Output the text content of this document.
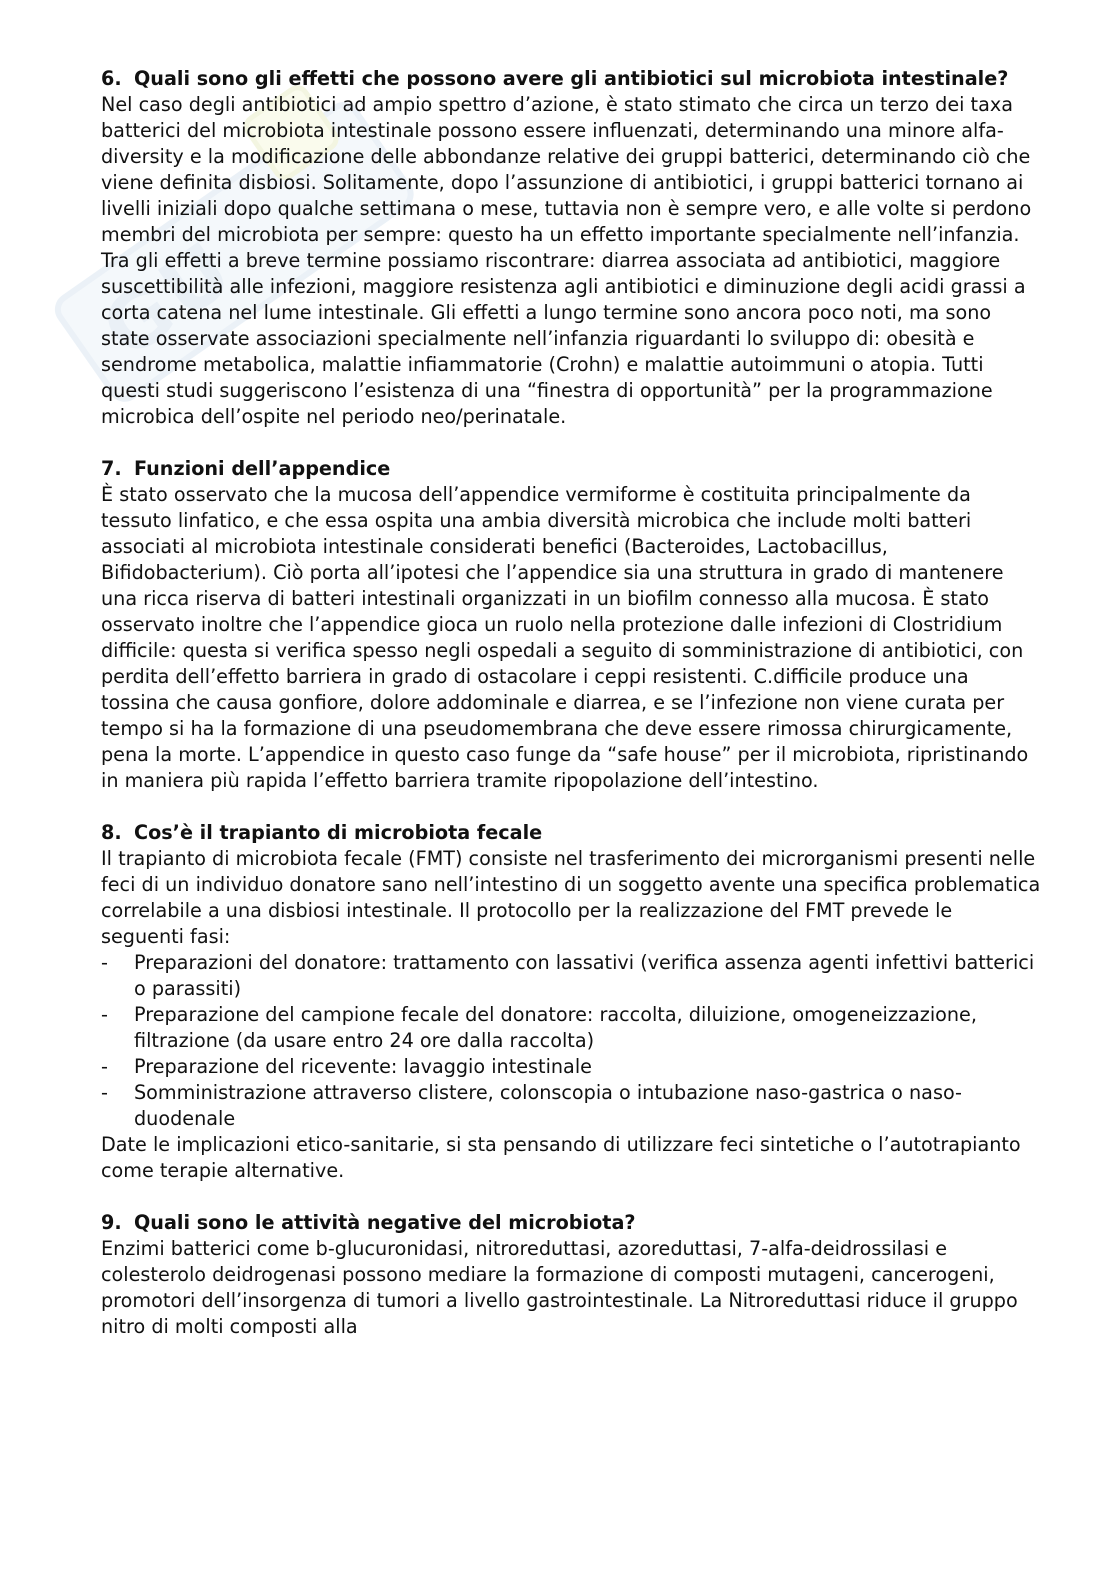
GU
6. Quali sono gli effetti che possono avere gli antibiotici sul microbiota intestinale?

Nel caso degli antibiotici ad ampio spettro d’azione, è stato stimato che circa un terzo dei taxa batterici del microbiota intestinale possono essere influenzati, determinando una minore alfa-diversity e la modificazione delle abbondanze relative dei gruppi batterici, determinando ciò che viene definita disbiosi. Solitamente, dopo l’assunzione di antibiotici, i gruppi batterici tornano ai livelli iniziali dopo qualche settimana o mese, tuttavia non è sempre vero, e alle volte si perdono membri del microbiota per sempre: questo ha un effetto importante specialmente nell’infanzia. Tra gli effetti a breve termine possiamo riscontrare: diarrea associata ad antibiotici, maggiore suscettibilità alle infezioni, maggiore resistenza agli antibiotici e diminuzione degli acidi grassi a corta catena nel lume intestinale. Gli effetti a lungo termine sono ancora poco noti, ma sono state osservate associazioni specialmente nell’infanzia riguardanti lo sviluppo di: obesità e sendrome metabolica, malattie infiammatorie (Crohn) e malattie autoimmuni o atopia. Tutti questi studi suggeriscono l’esistenza di una “finestra di opportunità” per la programmazione microbica dell’ospite nel periodo neo/perinatale.

7. Funzioni dell’appendice

È stato osservato che la mucosa dell’appendice vermiforme è costituita principalmente da tessuto linfatico, e che essa ospita una ambia diversità microbica che include molti batteri associati al microbiota intestinale considerati benefici (Bacteroides, Lactobacillus, Bifidobacterium). Ciò porta all’ipotesi che l’appendice sia una struttura in grado di mantenere una ricca riserva di batteri intestinali organizzati in un biofilm connesso alla mucosa. È stato osservato inoltre che l’appendice gioca un ruolo nella protezione dalle infezioni di Clostridium difficile: questa si verifica spesso negli ospedali a seguito di somministrazione di antibiotici, con perdita dell’effetto barriera in grado di ostacolare i ceppi resistenti. C.difficile produce una tossina che causa gonfiore, dolore addominale e diarrea, e se l’infezione non viene curata per tempo si ha la formazione di una pseudomembrana che deve essere rimossa chirurgicamente, pena la morte. L’appendice in questo caso funge da “safe house” per il microbiota, ripristinando in maniera più rapida l’effetto barriera tramite ripopolazione dell’intestino.

8. Cos’è il trapianto di microbiota fecale

Il trapianto di microbiota fecale (FMT) consiste nel trasferimento dei microrganismi presenti nelle feci di un individuo donatore sano nell’intestino di un soggetto avente una specifica problematica correlabile a una disbiosi intestinale. Il protocollo per la realizzazione del FMT prevede le seguenti fasi:

-	Preparazioni del donatore: trattamento con lassativi (verifica assenza agenti infettivi batterici o parassiti)
-	Preparazione del campione fecale del donatore: raccolta, diluizione, omogeneizzazione, filtrazione (da usare entro 24 ore dalla raccolta)
-	Preparazione del ricevente: lavaggio intestinale
-	Somministrazione attraverso clistere, colonscopia o intubazione naso-gastrica o naso-duodenale

Date le implicazioni etico-sanitarie, si sta pensando di utilizzare feci sintetiche o l’autotrapianto come terapie alternative.

9. Quali sono le attività negative del microbiota?

Enzimi batterici come b-glucuronidasi, nitroreduttasi, azoreduttasi, 7-alfa-deidrossilasi e colesterolo deidrogenasi possono mediare la formazione di composti mutageni, cancerogeni, promotori dell’insorgenza di tumori a livello gastrointestinale. La Nitroreduttasi riduce il gruppo nitro di molti composti alla
